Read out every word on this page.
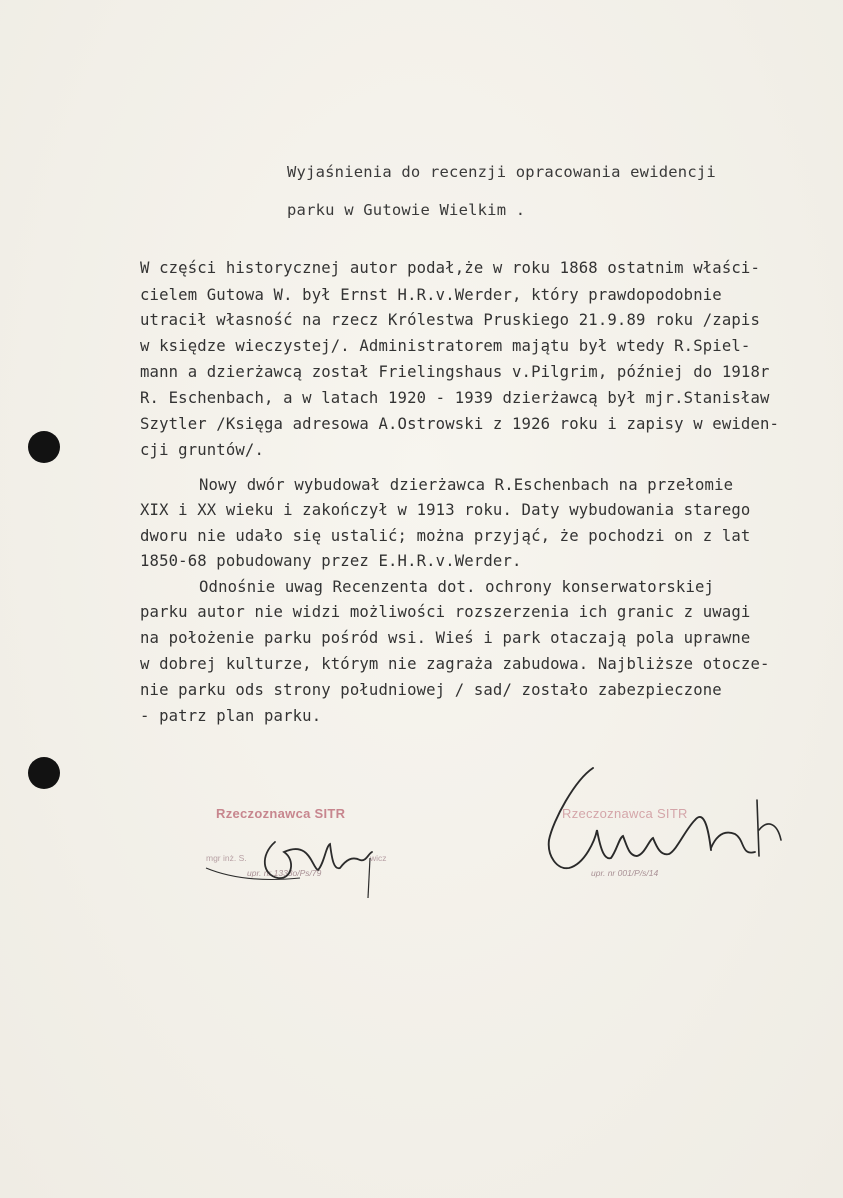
Wyjaśnienia do recenzji opracowania ewidencji
parku w Gutowie Wielkim .
W części historycznej autor podał,że w roku 1868 ostatnim właści-
cielem Gutowa W. był Ernst H.R.v.Werder, który prawdopodobnie
utracił własność na rzecz Królestwa Pruskiego 21.9.89 roku /zapis
w księdze wieczystej/. Administratorem majątu był wtedy R.Spiel-
mann a dzierżawcą został Frielingshaus v.Pilgrim, później do 1918r
R. Eschenbach, a w latach 1920 - 1939 dzierżawcą był mjr.Stanisław
Szytler /Księga adresowa A.Ostrowski z 1926 roku i zapisy w ewiden-
cji gruntów/.
Nowy dwór wybudował dzierżawca R.Eschenbach na przełomie
XIX i XX wieku i zakończył w 1913 roku. Daty wybudowania starego
dworu nie udało się ustalić; można przyjąć, że pochodzi on z lat
1850-68 pobudowany przez E.H.R.v.Werder.
Odnośnie uwag Recenzenta dot. ochrony konserwatorskiej
parku autor nie widzi możliwości rozszerzenia ich granic z uwagi
na położenie parku pośród wsi. Wieś i park otaczają pola uprawne
w dobrej kulturze, którym nie zagraża zabudowa. Najbliższe otocze-
nie parku ods strony południowej / sad/ zostało zabezpieczone
- patrz plan parku.
Rzeczoznawca SITR
mgr inż. S.	wicz
upr. nr 1333o/Ps/79
Rzeczoznawca SITR
upr. nr 001/P/s/14
